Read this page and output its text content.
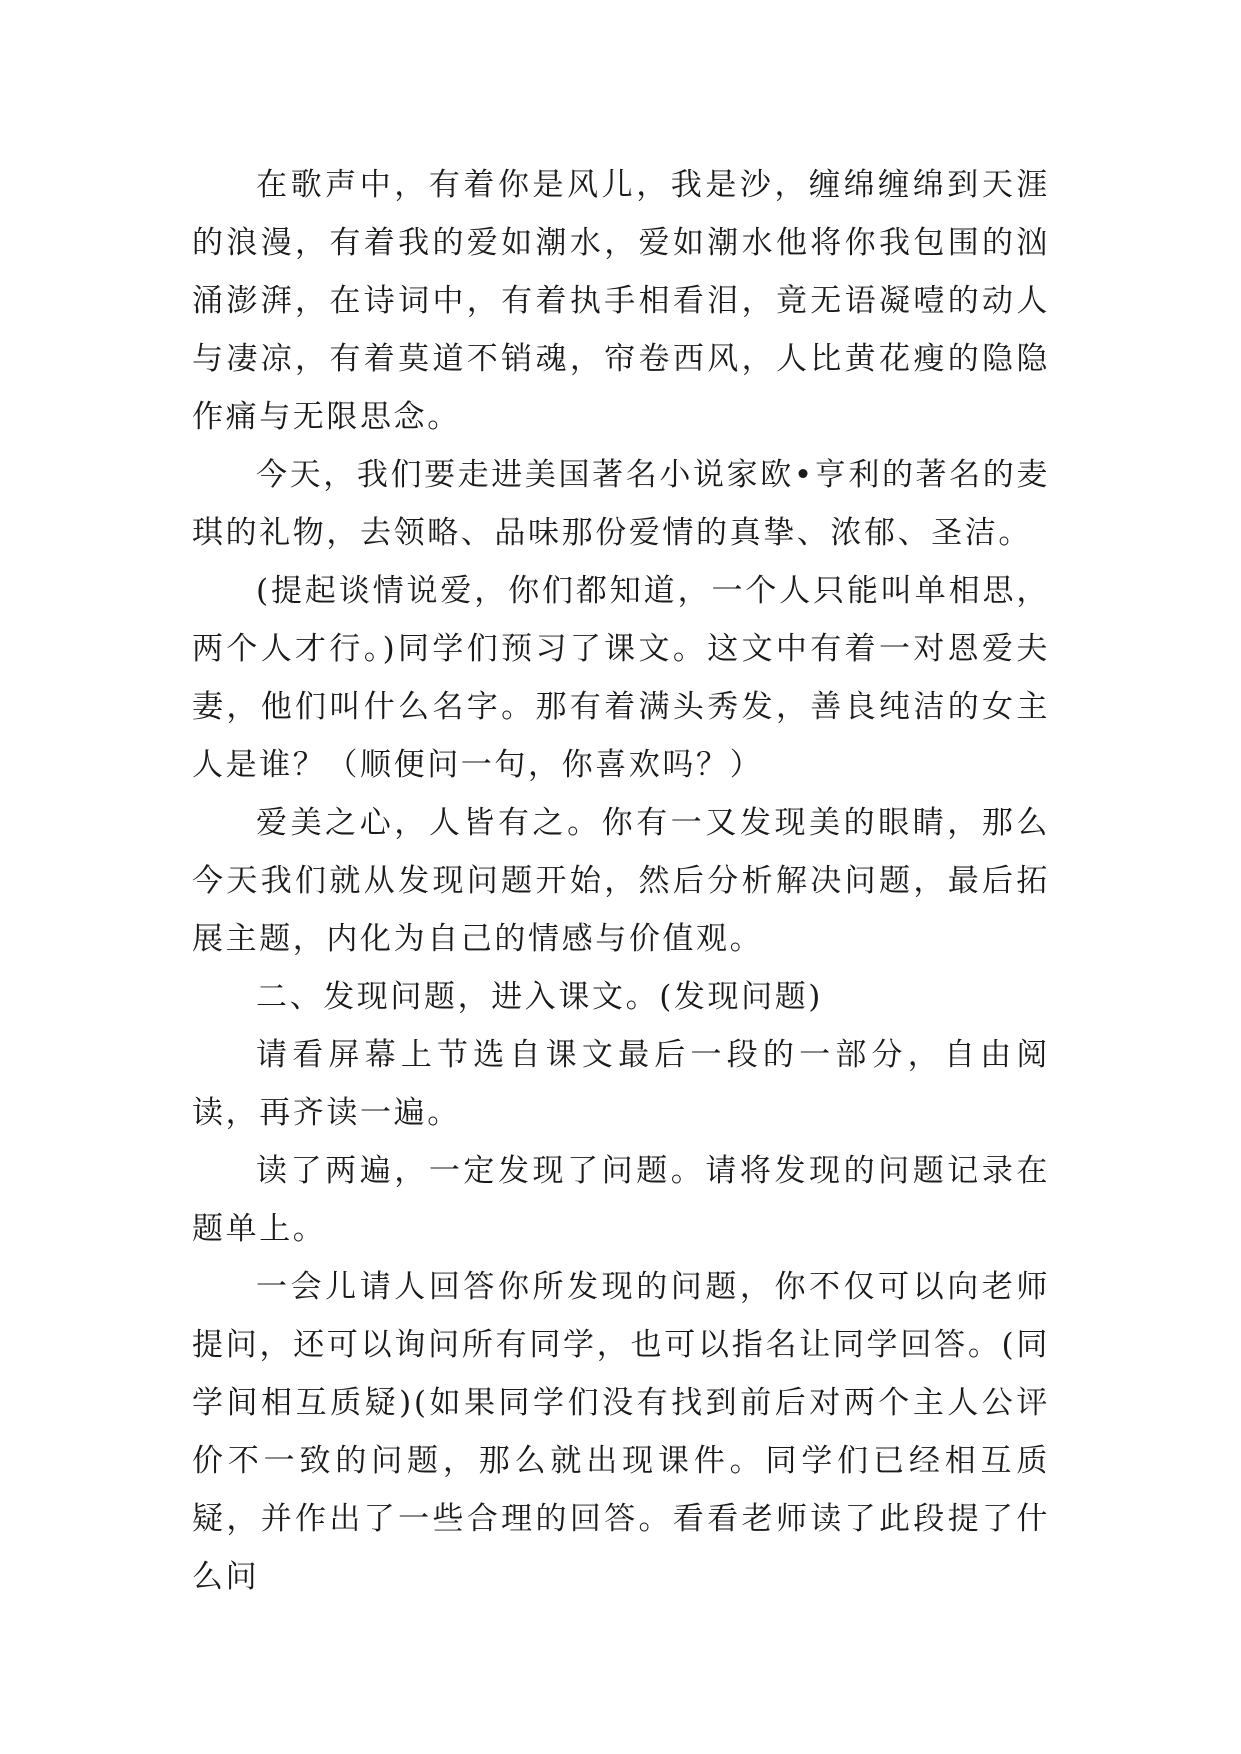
在歌声中，有着你是风儿，我是沙，缠绵缠绵到天涯的浪漫，有着我的爱如潮水，爱如潮水他将你我包围的汹涌澎湃，在诗词中，有着执手相看泪，竟无语凝噎的动人与凄凉，有着莫道不销魂，帘卷西风，人比黄花瘦的隐隐作痛与无限思念。

今天，我们要走进美国著名小说家欧•亨利的著名的麦琪的礼物，去领略、品味那份爱情的真挚、浓郁、圣洁。

(提起谈情说爱，你们都知道，一个人只能叫单相思，两个人才行。)同学们预习了课文。这文中有着一对恩爱夫妻，他们叫什么名字。那有着满头秀发，善良纯洁的女主人是谁？（顺便问一句，你喜欢吗？）

爱美之心，人皆有之。你有一又发现美的眼睛，那么今天我们就从发现问题开始，然后分析解决问题，最后拓展主题，内化为自己的情感与价值观。

二、发现问题，进入课文。(发现问题)

请看屏幕上节选自课文最后一段的一部分，自由阅读，再齐读一遍。

读了两遍，一定发现了问题。请将发现的问题记录在题单上。

一会儿请人回答你所发现的问题，你不仅可以向老师提问，还可以询问所有同学，也可以指名让同学回答。(同学间相互质疑)(如果同学们没有找到前后对两个主人公评价不一致的问题，那么就出现课件。同学们已经相互质疑，并作出了一些合理的回答。看看老师读了此段提了什么问
